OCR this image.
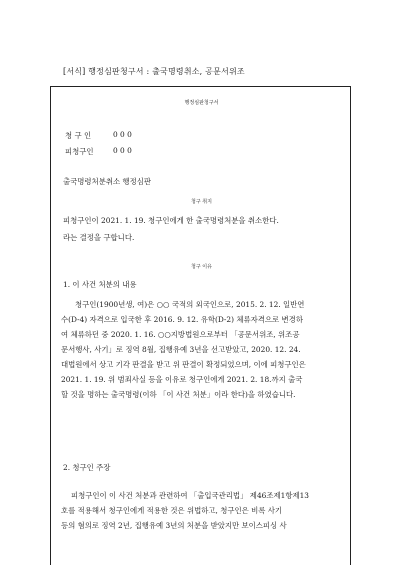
[서식] 행정심판청구서 : 출국명령취소, 공문서위조
행정심판청구서
청 구 인	0 0 0
피청구인	0 0 0
출국명령처분취소 행정심판
청구 취지
피청구인이 2021. 1. 19. 청구인에게 한 출국명령처분을 취소한다.
라는 결정을 구합니다.
청구 이유
1. 이 사건 처분의 내용
청구인(1900년생, 여)은 ○○ 국적의 외국인으로, 2015. 2. 12. 일반연
수(D-4) 자격으로 입국한 후 2016. 9. 12. 유학(D-2) 체류자격으로 변경하
여 체류하던 중 2020. 1. 16. ○○지방법원으로부터 「공문서위조, 위조공
문서행사, 사기」로 징역 8월, 집행유예 3년을 선고받았고, 2020. 12. 24.
대법원에서 상고 기각 판결을 받고 위 판결이 확정되었으며, 이에 피청구인은
2021. 1. 19. 위 범죄사실 등을 이유로 청구인에게 2021. 2. 18.까지 출국
할 것을 명하는 출국명령(이하 「이 사건 처분」이라 한다)을 하였습니다.
2. 청구인 주장
피청구인이 이 사건 처분과 관련하여 「출입국관리법」 제46조제1항제13
호를 적용해서 청구인에게 적용한 것은 위법하고, 청구인은 비록 사기
등의 혐의로 징역 2년, 집행유예 3년의 처분을 받았지만 보이스피싱 사
